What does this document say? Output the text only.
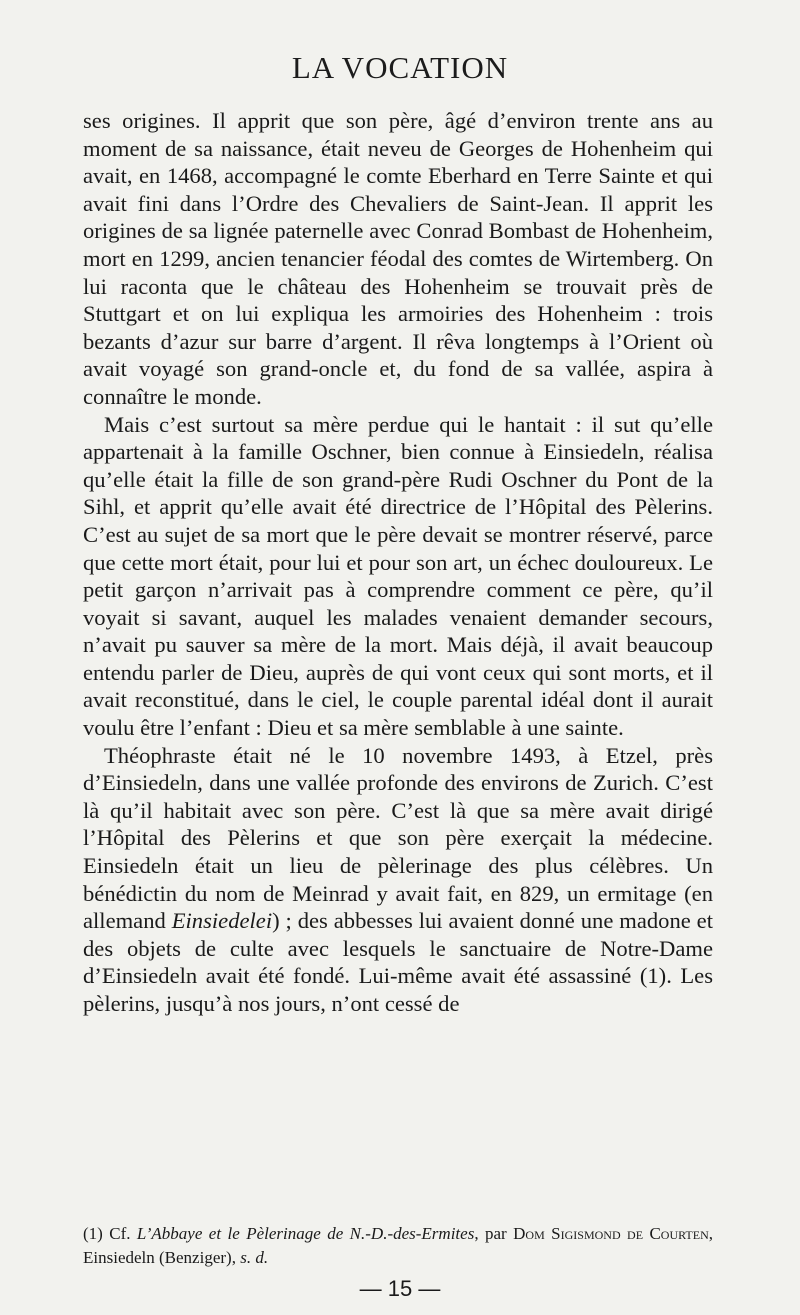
LA VOCATION

ses origines. Il apprit que son père, âgé d’environ trente ans au moment de sa naissance, était neveu de Georges de Hohenheim qui avait, en 1468, accompagné le comte Eberhard en Terre Sainte et qui avait fini dans l’Ordre des Chevaliers de Saint-Jean. Il apprit les origines de sa lignée paternelle avec Conrad Bombast de Hohenheim, mort en 1299, ancien tenancier féodal des comtes de Wirtemberg. On lui raconta que le château des Hohenheim se trouvait près de Stuttgart et on lui expliqua les armoiries des Hohenheim : trois bezants d’azur sur barre d’argent. Il rêva longtemps à l’Orient où avait voyagé son grand-oncle et, du fond de sa vallée, aspira à connaître le monde.

Mais c’est surtout sa mère perdue qui le hantait : il sut qu’elle appartenait à la famille Oschner, bien connue à Einsiedeln, réalisa qu’elle était la fille de son grand-père Rudi Oschner du Pont de la Sihl, et apprit qu’elle avait été directrice de l’Hôpital des Pèlerins. C’est au sujet de sa mort que le père devait se montrer réservé, parce que cette mort était, pour lui et pour son art, un échec douloureux. Le petit garçon n’arrivait pas à comprendre comment ce père, qu’il voyait si savant, auquel les malades venaient demander secours, n’avait pu sauver sa mère de la mort. Mais déjà, il avait beaucoup entendu parler de Dieu, auprès de qui vont ceux qui sont morts, et il avait reconstitué, dans le ciel, le couple parental idéal dont il aurait voulu être l’enfant : Dieu et sa mère semblable à une sainte.

Théophraste était né le 10 novembre 1493, à Etzel, près d’Einsiedeln, dans une vallée profonde des environs de Zurich. C’est là qu’il habitait avec son père. C’est là que sa mère avait dirigé l’Hôpital des Pèlerins et que son père exerçait la médecine. Einsiedeln était un lieu de pèlerinage des plus célèbres. Un bénédictin du nom de Meinrad y avait fait, en 829, un ermitage (en allemand Einsiedelei) ; des abbesses lui avaient donné une madone et des objets de culte avec lesquels le sanctuaire de Notre-Dame d’Einsiedeln avait été fondé. Lui-même avait été assassiné (1). Les pèlerins, jusqu’à nos jours, n’ont cessé de

(1) Cf. L’Abbaye et le Pèlerinage de N.-D.-des-Ermites, par Dom Sigismond de Courten, Einsiedeln (Benziger), s. d.
— 15 —
